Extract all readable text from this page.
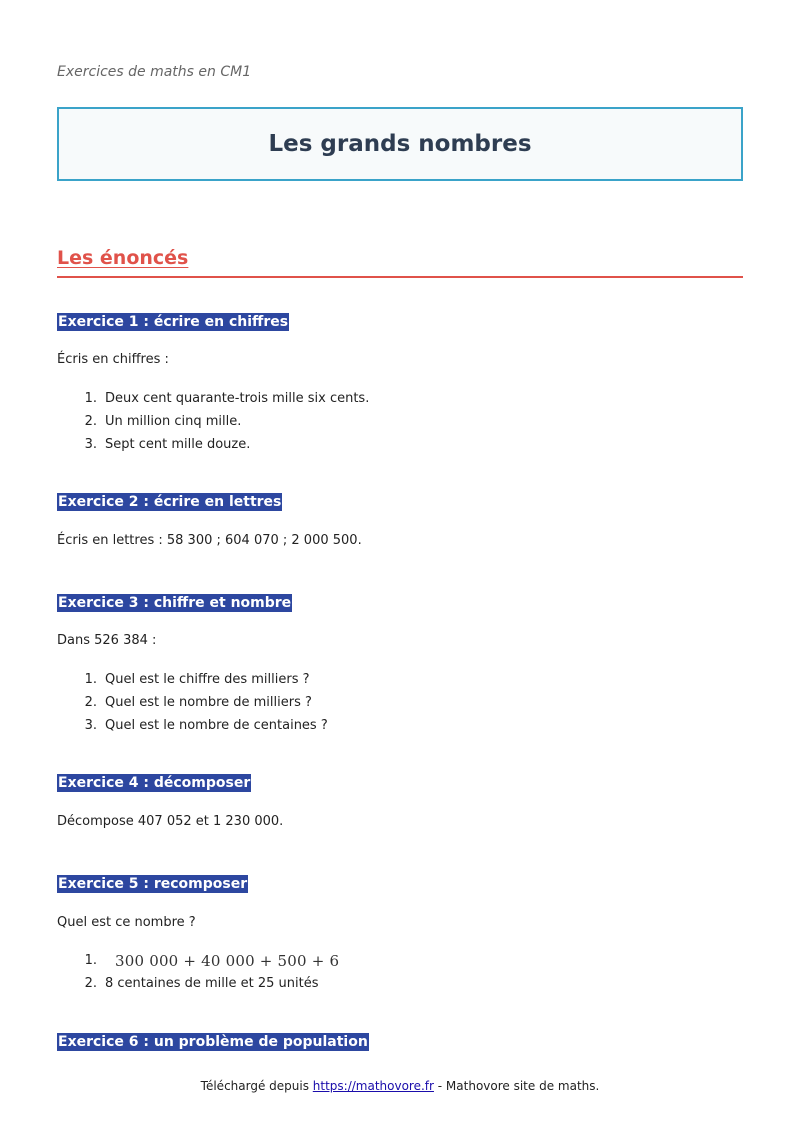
Exercices de maths en CM1
Les grands nombres
Les énoncés
Exercice 1 : écrire en chiffres
Écris en chiffres :
1. Deux cent quarante-trois mille six cents.
2. Un million cinq mille.
3. Sept cent mille douze.
Exercice 2 : écrire en lettres
Écris en lettres : 58 300 ; 604 070 ; 2 000 500.
Exercice 3 : chiffre et nombre
Dans 526 384 :
1. Quel est le chiffre des milliers ?
2. Quel est le nombre de milliers ?
3. Quel est le nombre de centaines ?
Exercice 4 : décomposer
Décompose 407 052 et 1 230 000.
Exercice 5 : recomposer
Quel est ce nombre ?
1.	300 000 + 40 000 + 500 + 6
2. 8 centaines de mille et 25 unités
Exercice 6 : un problème de population
Téléchargé depuis https://mathovore.fr - Mathovore site de maths.
